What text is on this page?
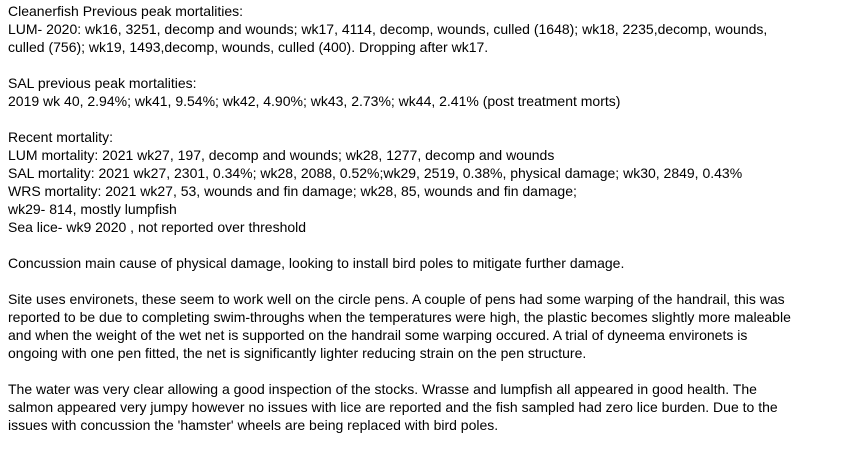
Cleanerfish Previous peak mortalities:
LUM- 2020: wk16, 3251, decomp and wounds; wk17, 4114, decomp, wounds, culled (1648); wk18, 2235,decomp, wounds,
culled (756); wk19, 1493,decomp, wounds, culled (400). Dropping after wk17.
SAL previous peak mortalities:
2019 wk 40, 2.94%; wk41, 9.54%; wk42, 4.90%; wk43, 2.73%; wk44, 2.41% (post treatment morts)
Recent mortality:
LUM mortality: 2021 wk27, 197, decomp and wounds; wk28, 1277, decomp and wounds
SAL mortality: 2021 wk27, 2301, 0.34%; wk28, 2088, 0.52%;wk29, 2519, 0.38%, physical damage; wk30, 2849, 0.43%
WRS mortality: 2021 wk27, 53, wounds and fin damage; wk28, 85, wounds and fin damage;
wk29- 814, mostly lumpfish
Sea lice- wk9 2020 , not reported over threshold
Concussion main cause of physical damage, looking to install bird poles to mitigate further damage.
Site uses environets, these seem to work well on the circle pens. A couple of pens had some warping of the handrail, this was
reported to be due to completing swim-throughs when the temperatures were high, the plastic becomes slightly more maleable
and when the weight of the wet net is supported on the handrail some warping occured. A trial of dyneema environets is
ongoing with one pen fitted, the net is significantly lighter reducing strain on the pen structure.
The water was very clear allowing a good inspection of the stocks. Wrasse and lumpfish all appeared in good health. The
salmon appeared very jumpy however no issues with lice are reported and the fish sampled had zero lice burden. Due to the
issues with concussion the 'hamster' wheels are being replaced with bird poles.
